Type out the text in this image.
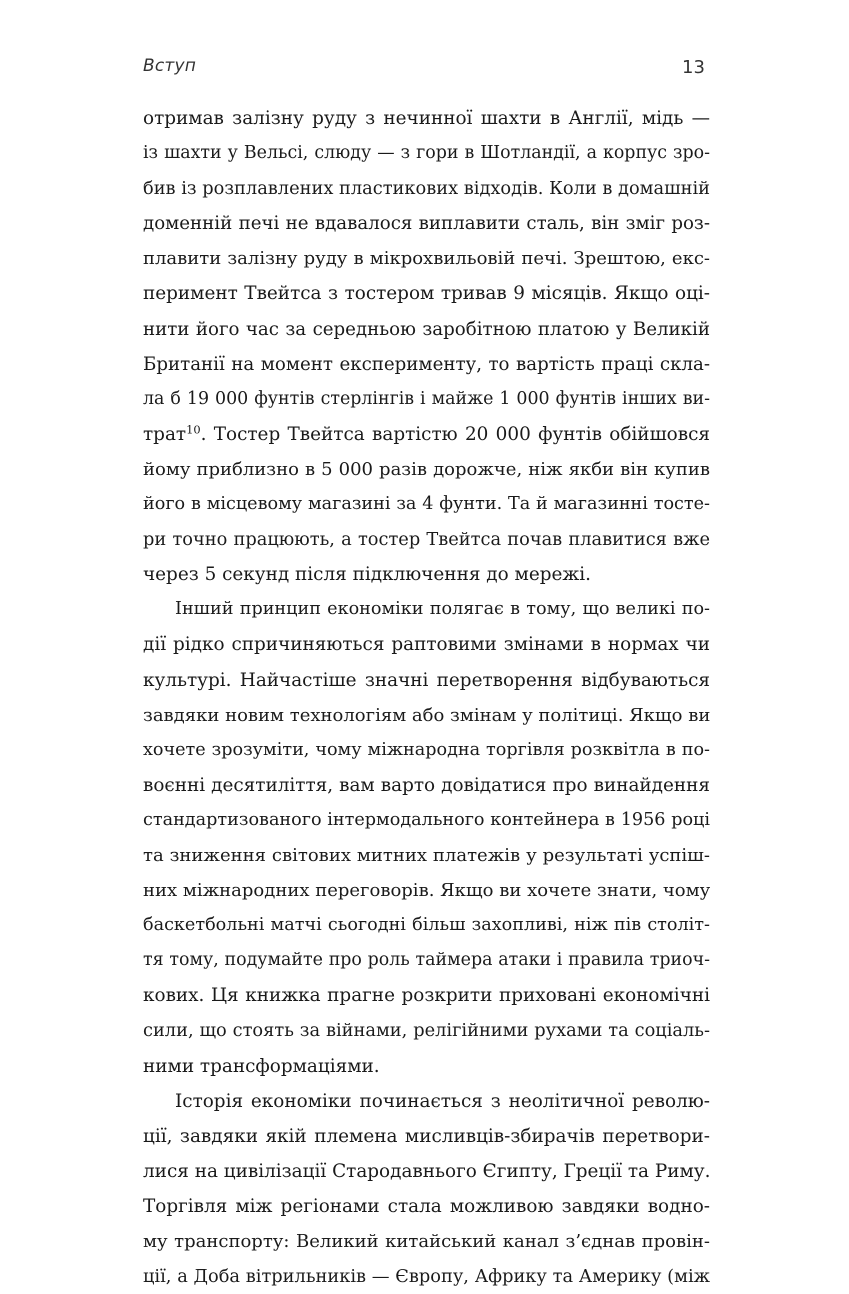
Вступ	13
отримав залізну руду з нечинної шахти в Англії, мідь —
із шахти у Вельсі, слюду — з гори в Шотландії, а корпус зро-
бив із розплавлених пластикових відходів. Коли в домашній
доменній печі не вдавалося виплавити сталь, він зміг роз-
плавити залізну руду в мікрохвильовій печі. Зрештою, екс-
перимент Твейтса з тостером тривав 9 місяців. Якщо оці-
нити його час за середньою заробітною платою у Великій
Британії на момент експерименту, то вартість праці скла-
ла б 19 000 фунтів стерлінгів і майже 1 000 фунтів інших ви-
трат$^{10}$. Тостер Твейтса вартістю 20 000 фунтів обійшовся
йому приблизно в 5 000 разів дорожче, ніж якби він купив
його в місцевому магазині за 4 фунти. Та й магазинні тосте-
ри точно працюють, а тостер Твейтса почав плавитися вже
через 5 секунд після підключення до мережі.
Інший принцип економіки полягає в тому, що великі по-
дії рідко спричиняються раптовими змінами в нормах чи
культурі. Найчастіше значні перетворення відбуваються
завдяки новим технологіям або змінам у політиці. Якщо ви
хочете зрозуміти, чому міжнародна торгівля розквітла в по-
воєнні десятиліття, вам варто довідатися про винайдення
стандартизованого інтермодального контейнера в 1956 році
та зниження світових митних платежів у результаті успіш-
них міжнародних переговорів. Якщо ви хочете знати, чому
баскетбольні матчі сьогодні більш захопливі, ніж пів століт-
тя тому, подумайте про роль таймера атаки і правила триоч-
кових. Ця книжка прагне розкрити приховані економічні
сили, що стоять за війнами, релігійними рухами та соціаль-
ними трансформаціями.
Історія економіки починається з неолітичної револю-
ції, завдяки якій племена мисливців-збирачів перетвори-
лися на цивілізації Стародавнього Єгипту, Греції та Риму.
Торгівля між регіонами стала можливою завдяки водно-
му транспорту: Великий китайський канал з’єднав провін-
ції, а Доба вітрильників — Європу, Африку та Америку (між
